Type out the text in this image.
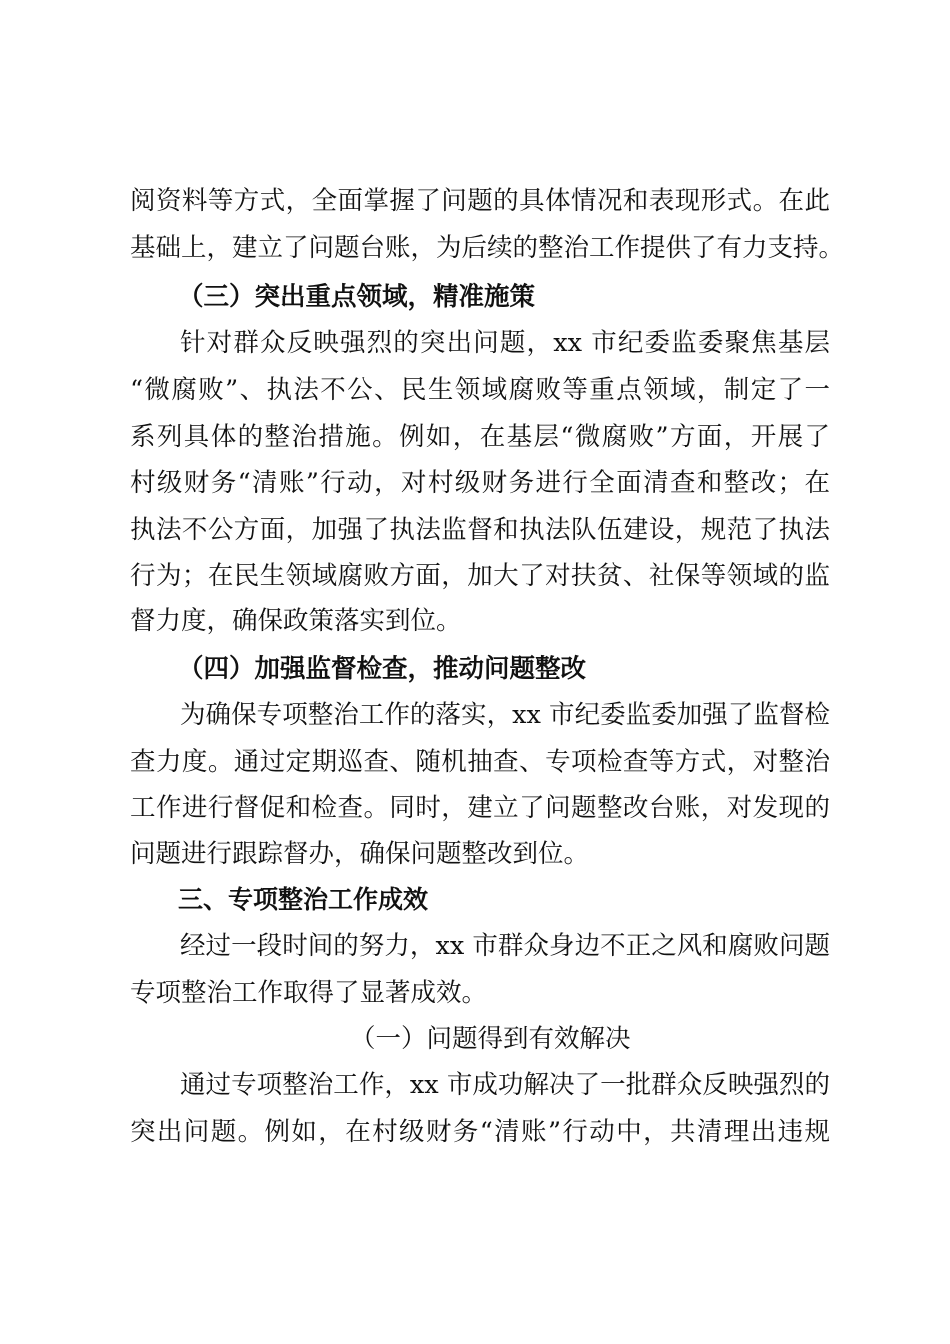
阅资料等方式，全面掌握了问题的具体情况和表现形式。在此
基础上，建立了问题台账，为后续的整治工作提供了有力支持。
（三）突出重点领域，精准施策
针对群众反映强烈的突出问题，xx 市纪委监委聚焦基层
“微腐败”、执法不公、民生领域腐败等重点领域，制定了一
系列具体的整治措施。例如，在基层“微腐败”方面，开展了
村级财务“清账”行动，对村级财务进行全面清查和整改；在
执法不公方面，加强了执法监督和执法队伍建设，规范了执法
行为；在民生领域腐败方面，加大了对扶贫、社保等领域的监
督力度，确保政策落实到位。
（四）加强监督检查，推动问题整改
为确保专项整治工作的落实，xx 市纪委监委加强了监督检
查力度。通过定期巡查、随机抽查、专项检查等方式，对整治
工作进行督促和检查。同时，建立了问题整改台账，对发现的
问题进行跟踪督办，确保问题整改到位。
三、专项整治工作成效
经过一段时间的努力，xx 市群众身边不正之风和腐败问题
专项整治工作取得了显著成效。
（一）问题得到有效解决
通过专项整治工作，xx 市成功解决了一批群众反映强烈的
突出问题。例如，在村级财务“清账”行动中，共清理出违规
